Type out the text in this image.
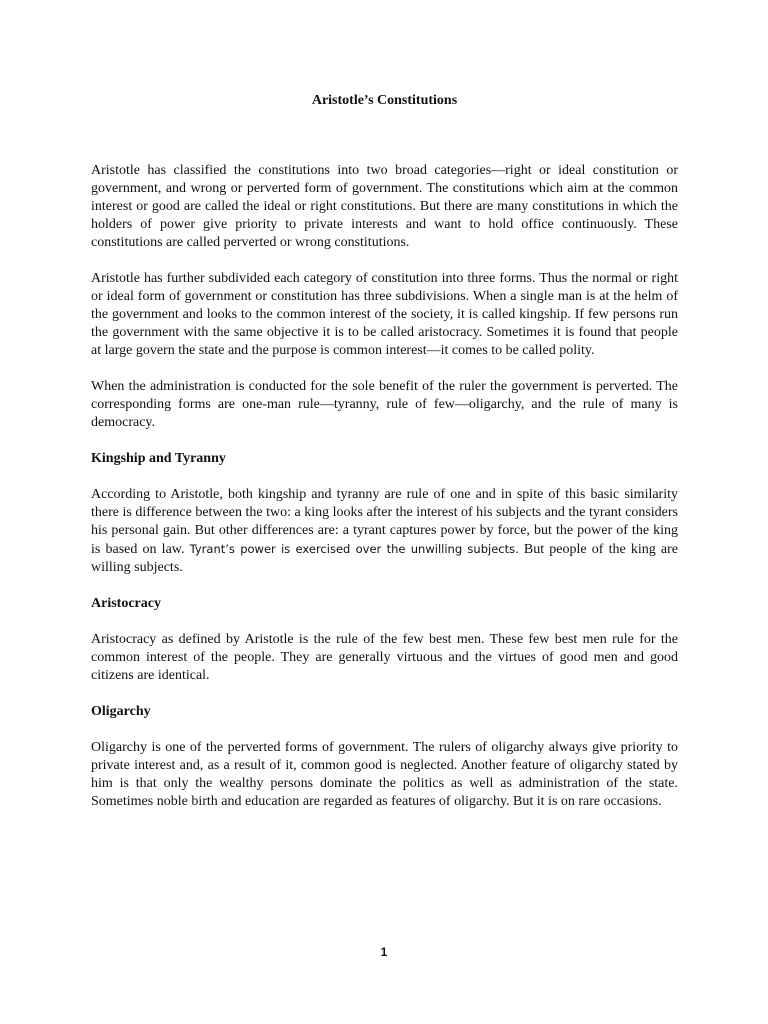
Aristotle’s Constitutions

Aristotle has classified the constitutions into two broad categories—right or ideal constitution or government, and wrong or perverted form of government. The constitutions which aim at the common interest or good are called the ideal or right constitutions. But there are many constitutions in which the holders of power give priority to private interests and want to hold office continuously. These constitutions are called perverted or wrong constitutions.

Aristotle has further subdivided each category of constitution into three forms. Thus the normal or right or ideal form of government or constitution has three subdivisions. When a single man is at the helm of the government and looks to the common interest of the society, it is called kingship. If few persons run the government with the same objective it is to be called aristocracy. Sometimes it is found that people at large govern the state and the purpose is common interest—it comes to be called polity.

When the administration is conducted for the sole benefit of the ruler the government is perverted. The corresponding forms are one-man rule—tyranny, rule of few—oligarchy, and the rule of many is democracy.

Kingship and Tyranny

According to Aristotle, both kingship and tyranny are rule of one and in spite of this basic similarity there is difference between the two: a king looks after the interest of his subjects and the tyrant considers his personal gain. But other differences are: a tyrant captures power by force, but the power of the king is based on law. Tyrant’s power is exercised over the unwilling subjects. But people of the king are willing subjects.

Aristocracy

Aristocracy as defined by Aristotle is the rule of the few best men. These few best men rule for the common interest of the people. They are generally virtuous and the virtues of good men and good citizens are identical.

Oligarchy

Oligarchy is one of the perverted forms of government. The rulers of oligarchy always give priority to private interest and, as a result of it, common good is neglected. Another feature of oligarchy stated by him is that only the wealthy persons dominate the politics as well as administration of the state. Sometimes noble birth and education are regarded as features of oligarchy. But it is on rare occasions.

1
